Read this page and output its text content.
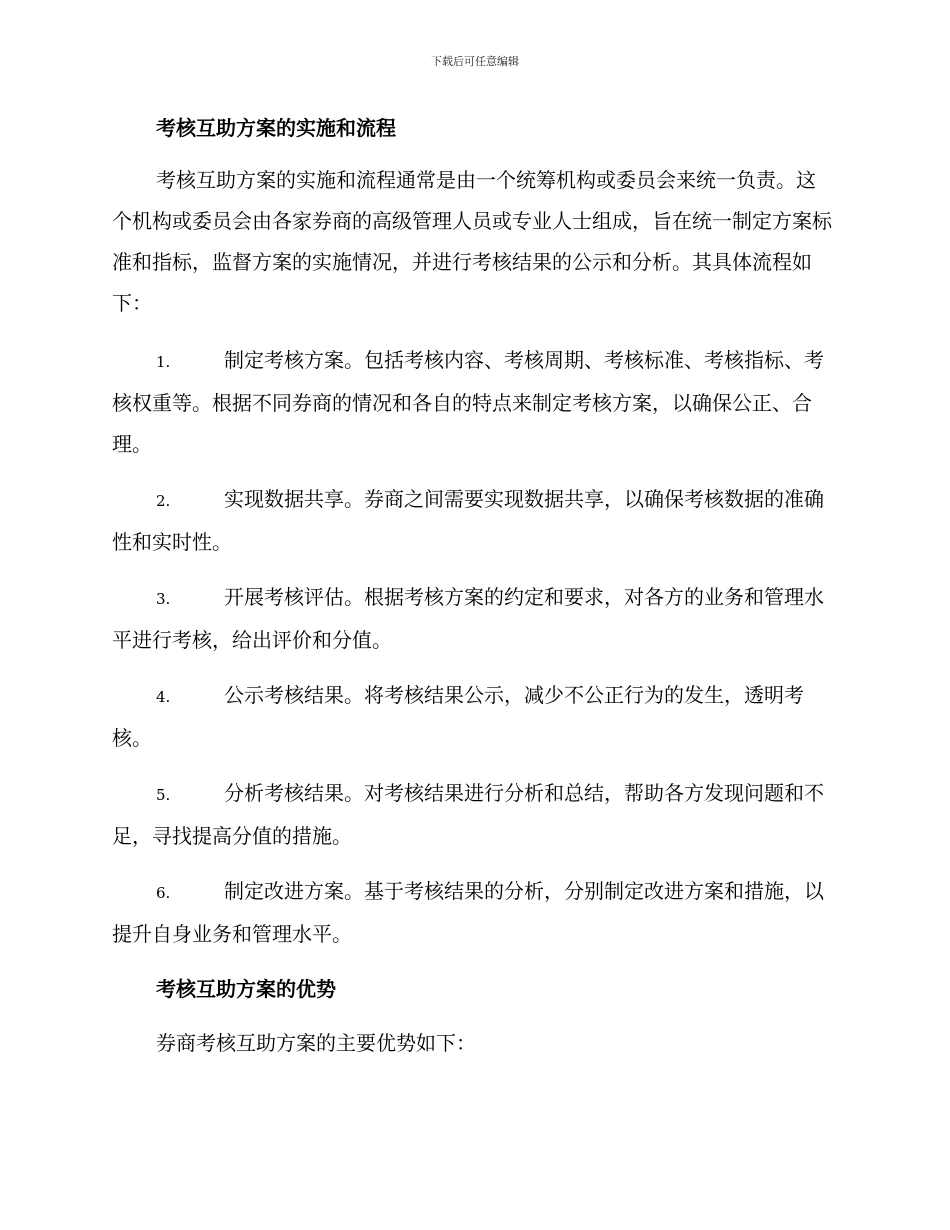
下载后可任意编辑
考核互助方案的实施和流程

考核互助方案的实施和流程通常是由一个统筹机构或委员会来统一负责。这个机构或委员会由各家券商的高级管理人员或专业人士组成，旨在统一制定方案标准和指标，监督方案的实施情况，并进行考核结果的公示和分析。其具体流程如下：

1.	制定考核方案。包括考核内容、考核周期、考核标准、考核指标、考核权重等。根据不同券商的情况和各自的特点来制定考核方案，以确保公正、合理。

2.	实现数据共享。券商之间需要实现数据共享，以确保考核数据的准确性和实时性。

3.	开展考核评估。根据考核方案的约定和要求，对各方的业务和管理水平进行考核，给出评价和分值。

4.	公示考核结果。将考核结果公示，减少不公正行为的发生，透明考核。

5.	分析考核结果。对考核结果进行分析和总结，帮助各方发现问题和不足，寻找提高分值的措施。

6.	制定改进方案。基于考核结果的分析，分别制定改进方案和措施，以提升自身业务和管理水平。

考核互助方案的优势

券商考核互助方案的主要优势如下：
